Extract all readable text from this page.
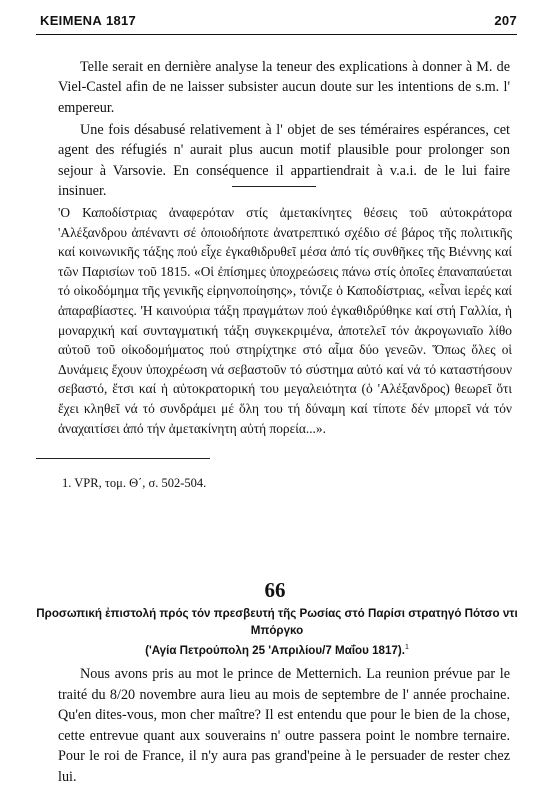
ΚΕΙΜΕΝΑ 1817	207

Telle serait en dernière analyse la teneur des explications à donner à M. de Viel-Castel afin de ne laisser subsister aucun doute sur les intentions de s.m. l' empereur.

Une fois désabusé relativement à l' objet de ses téméraires espérances, cet agent des réfugiés n' aurait plus aucun motif plausible pour prolonger son sejour à Varsovie. En conséquence il appartiendrait à v.a.i. de le lui faire insinuer.

'Ο Καποδίστριας ἀναφερόταν στίς ἀμετακίνητες θέσεις τοῦ αὐτοκράτορα 'Αλέξανδρου ἀπέναντι σέ ὁποιοδήποτε ἀνατρεπτικό σχέδιο σέ βάρος τῆς πολιτικῆς καί κοινωνικῆς τάξης πού εἶχε ἐγκαθιδρυθεῖ μέσα ἀπό τίς συνθῆκες τῆς Βιέννης καί τῶν Παρισίων τοῦ 1815. «Οἱ ἐπίσημες ὑποχρεώσεις πάνω στίς ὁποῖες ἐπαναπαύεται τό οἰκοδόμημα τῆς γενικῆς εἰρηνοποίησης», τόνιζε ὁ Καποδίστριας, «εἶναι ἱερές καί ἀπαραβίαστες. 'Η καινούρια τάξη πραγμάτων πού ἐγκαθιδρύθηκε καί στή Γαλλία, ἡ μοναρχική καί συνταγματική τάξη συγκεκριμένα, ἀποτελεῖ τόν ἀκρογωνιαῖο λίθο αὐτοῦ τοῦ οἰκοδομήματος πού στηρίχτηκε στό αἷμα δύο γενεῶν. Ὅπως ὅλες οἱ Δυνάμεις ἔχουν ὑποχρέωση νά σεβαστοῦν τό σύστημα αὐτό καί νά τό καταστήσουν σεβαστό, ἔτσι καί ἡ αὐτοκρατορική του μεγαλειότητα (ὁ 'Αλέξανδρος) θεωρεῖ ὅτι ἔχει κληθεῖ νά τό συνδράμει μέ ὅλη του τή δύναμη καί τίποτε δέν μπορεῖ νά τόν ἀναχαιτίσει ἀπό τήν ἀμετακίνητη αὐτή πορεία...».

1. VPR, τομ. Θ΄, σ. 502-504.
66
Προσωπική ἐπιστολή πρός τόν πρεσβευτή τῆς Ρωσίας στό Παρίσι στρατηγό Πότσο ντι Μπόργκο
('Αγία Πετρούπολη 25 'Απριλίου/7 Μαΐου 1817).$^1$

Nous avons pris au mot le prince de Metternich. La reunion prévue par le traité du 8/20 novembre aura lieu au mois de septembre de l' année prochaine. Qu'en dites-vous, mon cher maître? Il est entendu que pour le bien de la chose, cette entrevue quant aux souverains n' outre passera point le nombre ternaire. Pour le roi de France, il n'y aura pas grand'peine à le persuader de rester chez lui.
